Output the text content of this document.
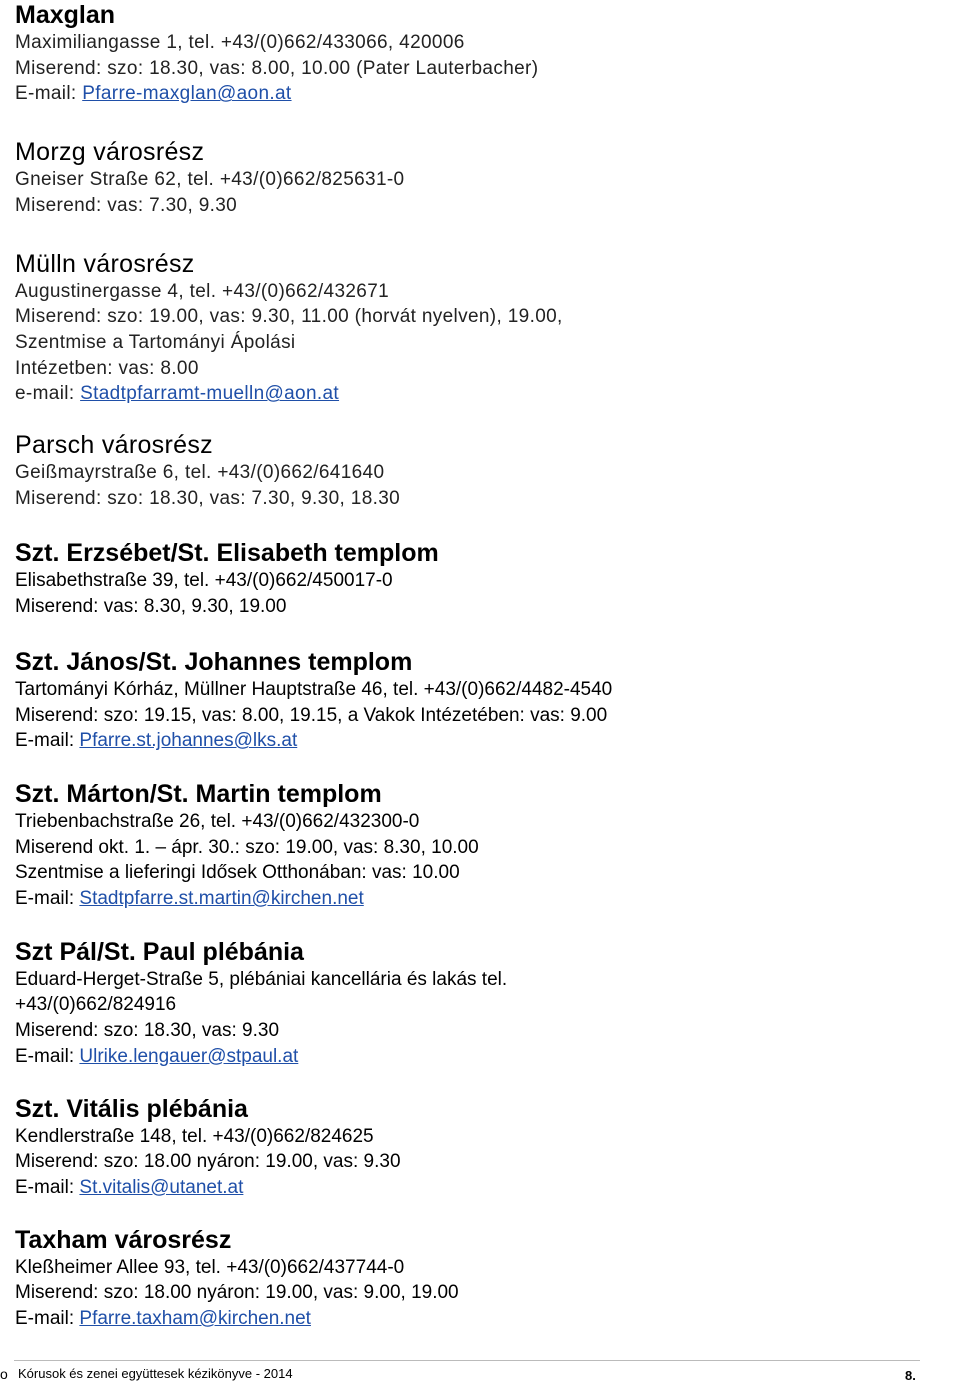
Maxglan
Maximiliangasse 1, tel. +43/(0)662/433066, 420006
Miserend: szo: 18.30, vas: 8.00, 10.00 (Pater Lauterbacher)
E-mail: Pfarre-maxglan@aon.at
Morzg városrész
Gneiser Straße 62, tel. +43/(0)662/825631-0
Miserend: vas: 7.30, 9.30
Mülln városrész
Augustinergasse 4, tel. +43/(0)662/432671
Miserend: szo: 19.00, vas: 9.30, 11.00 (horvát nyelven), 19.00,
Szentmise a Tartományi Ápolási
Intézetben: vas: 8.00
e-mail: Stadtpfarramt-muelln@aon.at
Parsch városrész
Geißmayrstraße 6, tel. +43/(0)662/641640
Miserend: szo: 18.30, vas: 7.30, 9.30, 18.30
Szt. Erzsébet/St. Elisabeth templom
Elisabethstraße 39, tel. +43/(0)662/450017-0
Miserend: vas: 8.30, 9.30, 19.00
Szt. János/St. Johannes templom
Tartományi Kórház, Müllner Hauptstraße 46, tel. +43/(0)662/4482-4540
Miserend: szo: 19.15, vas: 8.00, 19.15, a Vakok Intézetében: vas: 9.00
E-mail: Pfarre.st.johannes@lks.at
Szt. Márton/St. Martin templom
Triebenbachstraße 26, tel. +43/(0)662/432300-0
Miserend okt. 1. – ápr. 30.: szo: 19.00, vas: 8.30, 10.00
Szentmise a lieferingi Idősek Otthonában: vas: 10.00
E-mail: Stadtpfarre.st.martin@kirchen.net
Szt Pál/St. Paul plébánia
Eduard-Herget-Straße 5, plébániai kancellária és lakás tel.
+43/(0)662/824916
Miserend: szo: 18.30, vas: 9.30
E-mail: Ulrike.lengauer@stpaul.at
Szt. Vitális plébánia
Kendlerstraße 148, tel. +43/(0)662/824625
Miserend: szo: 18.00 nyáron: 19.00, vas: 9.30
E-mail: St.vitalis@utanet.at
Taxham városrész
Kleßheimer Allee 93, tel. +43/(0)662/437744-0
Miserend: szo: 18.00 nyáron: 19.00, vas: 9.00, 19.00
E-mail: Pfarre.taxham@kirchen.net
o Kórusok és zenei együttesek kézikönyve - 2014	8.
